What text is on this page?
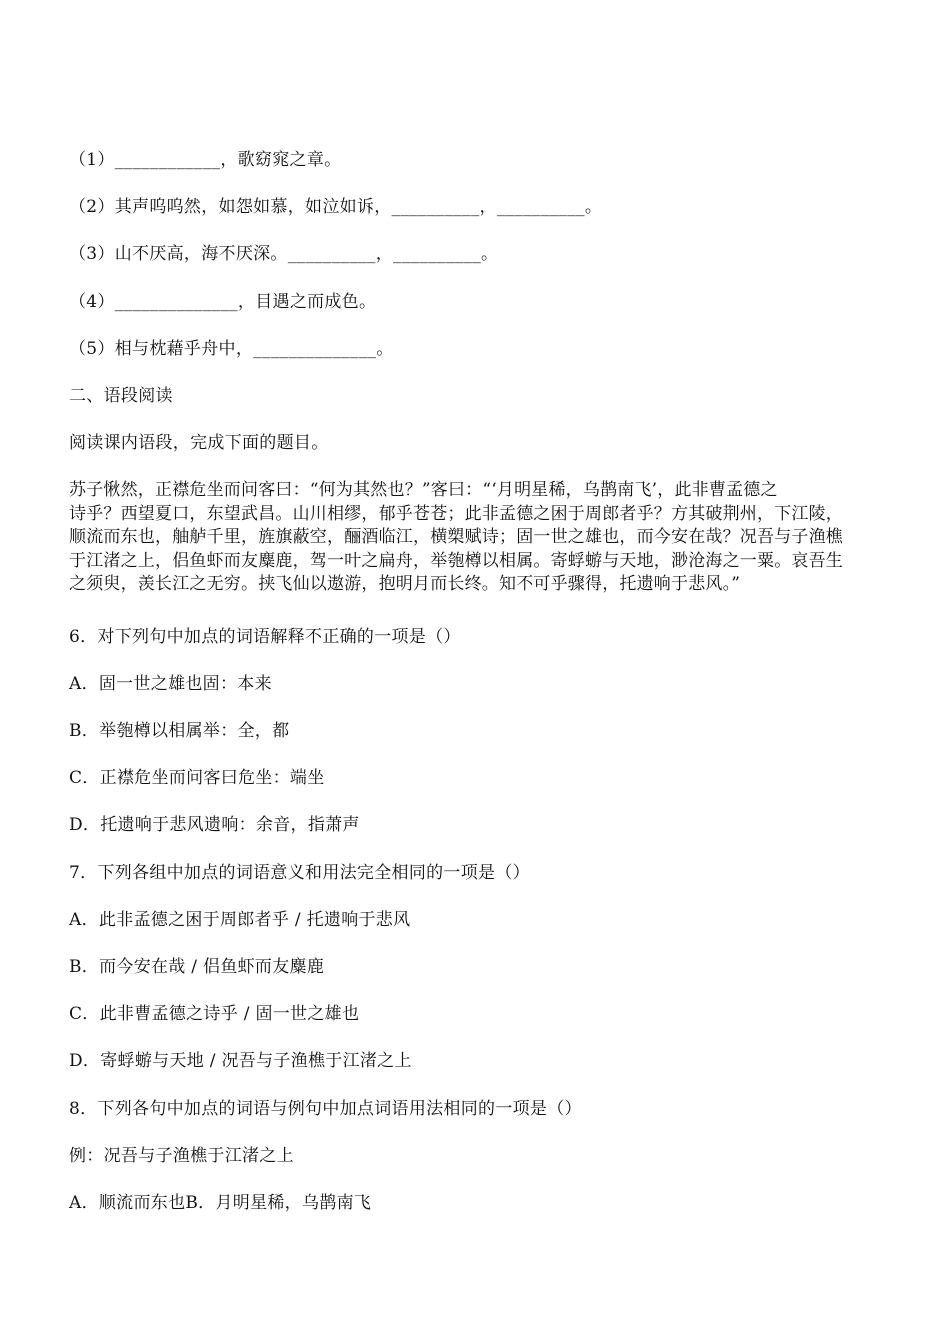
（1）____________，歌窈窕之章。
（2）其声呜呜然，如怨如慕，如泣如诉，__________，__________。
（3）山不厌高，海不厌深。__________，__________。
（4）______________，目遇之而成色。
（5）相与枕藉乎舟中，______________。
二、语段阅读
阅读课内语段，完成下面的题目。
苏子愀然，正襟危坐而问客曰：“何为其然也？”客曰：“‘月明星稀，乌鹊南飞’，此非曹孟德之
诗乎？西望夏口，东望武昌。山川相缪，郁乎苍苍；此非孟德之困于周郎者乎？方其破荆州，下江陵，
顺流而东也，舳舻千里，旌旗蔽空，酾酒临江，横槊赋诗；固一世之雄也，而今安在哉？况吾与子渔樵
于江渚之上，侣鱼虾而友麋鹿，驾一叶之扁舟，举匏樽以相属。寄蜉蝣与天地，渺沧海之一粟。哀吾生
之须臾，羡长江之无穷。挟飞仙以遨游，抱明月而长终。知不可乎骤得，托遗响于悲风。”
6．对下列句中加点的词语解释不正确的一项是（）
A．固一世之雄也固：本来
B．举匏樽以相属举：全，都
C．正襟危坐而问客曰危坐：端坐
D．托遗响于悲风遗响：余音，指萧声
7．下列各组中加点的词语意义和用法完全相同的一项是（）
A．此非孟德之困于周郎者乎 / 托遗响于悲风
B．而今安在哉 / 侣鱼虾而友麋鹿
C．此非曹孟德之诗乎 / 固一世之雄也
D．寄蜉蝣与天地 / 况吾与子渔樵于江渚之上
8．下列各句中加点的词语与例句中加点词语用法相同的一项是（）
例：况吾与子渔樵于江渚之上
A．顺流而东也B．月明星稀，乌鹊南飞
